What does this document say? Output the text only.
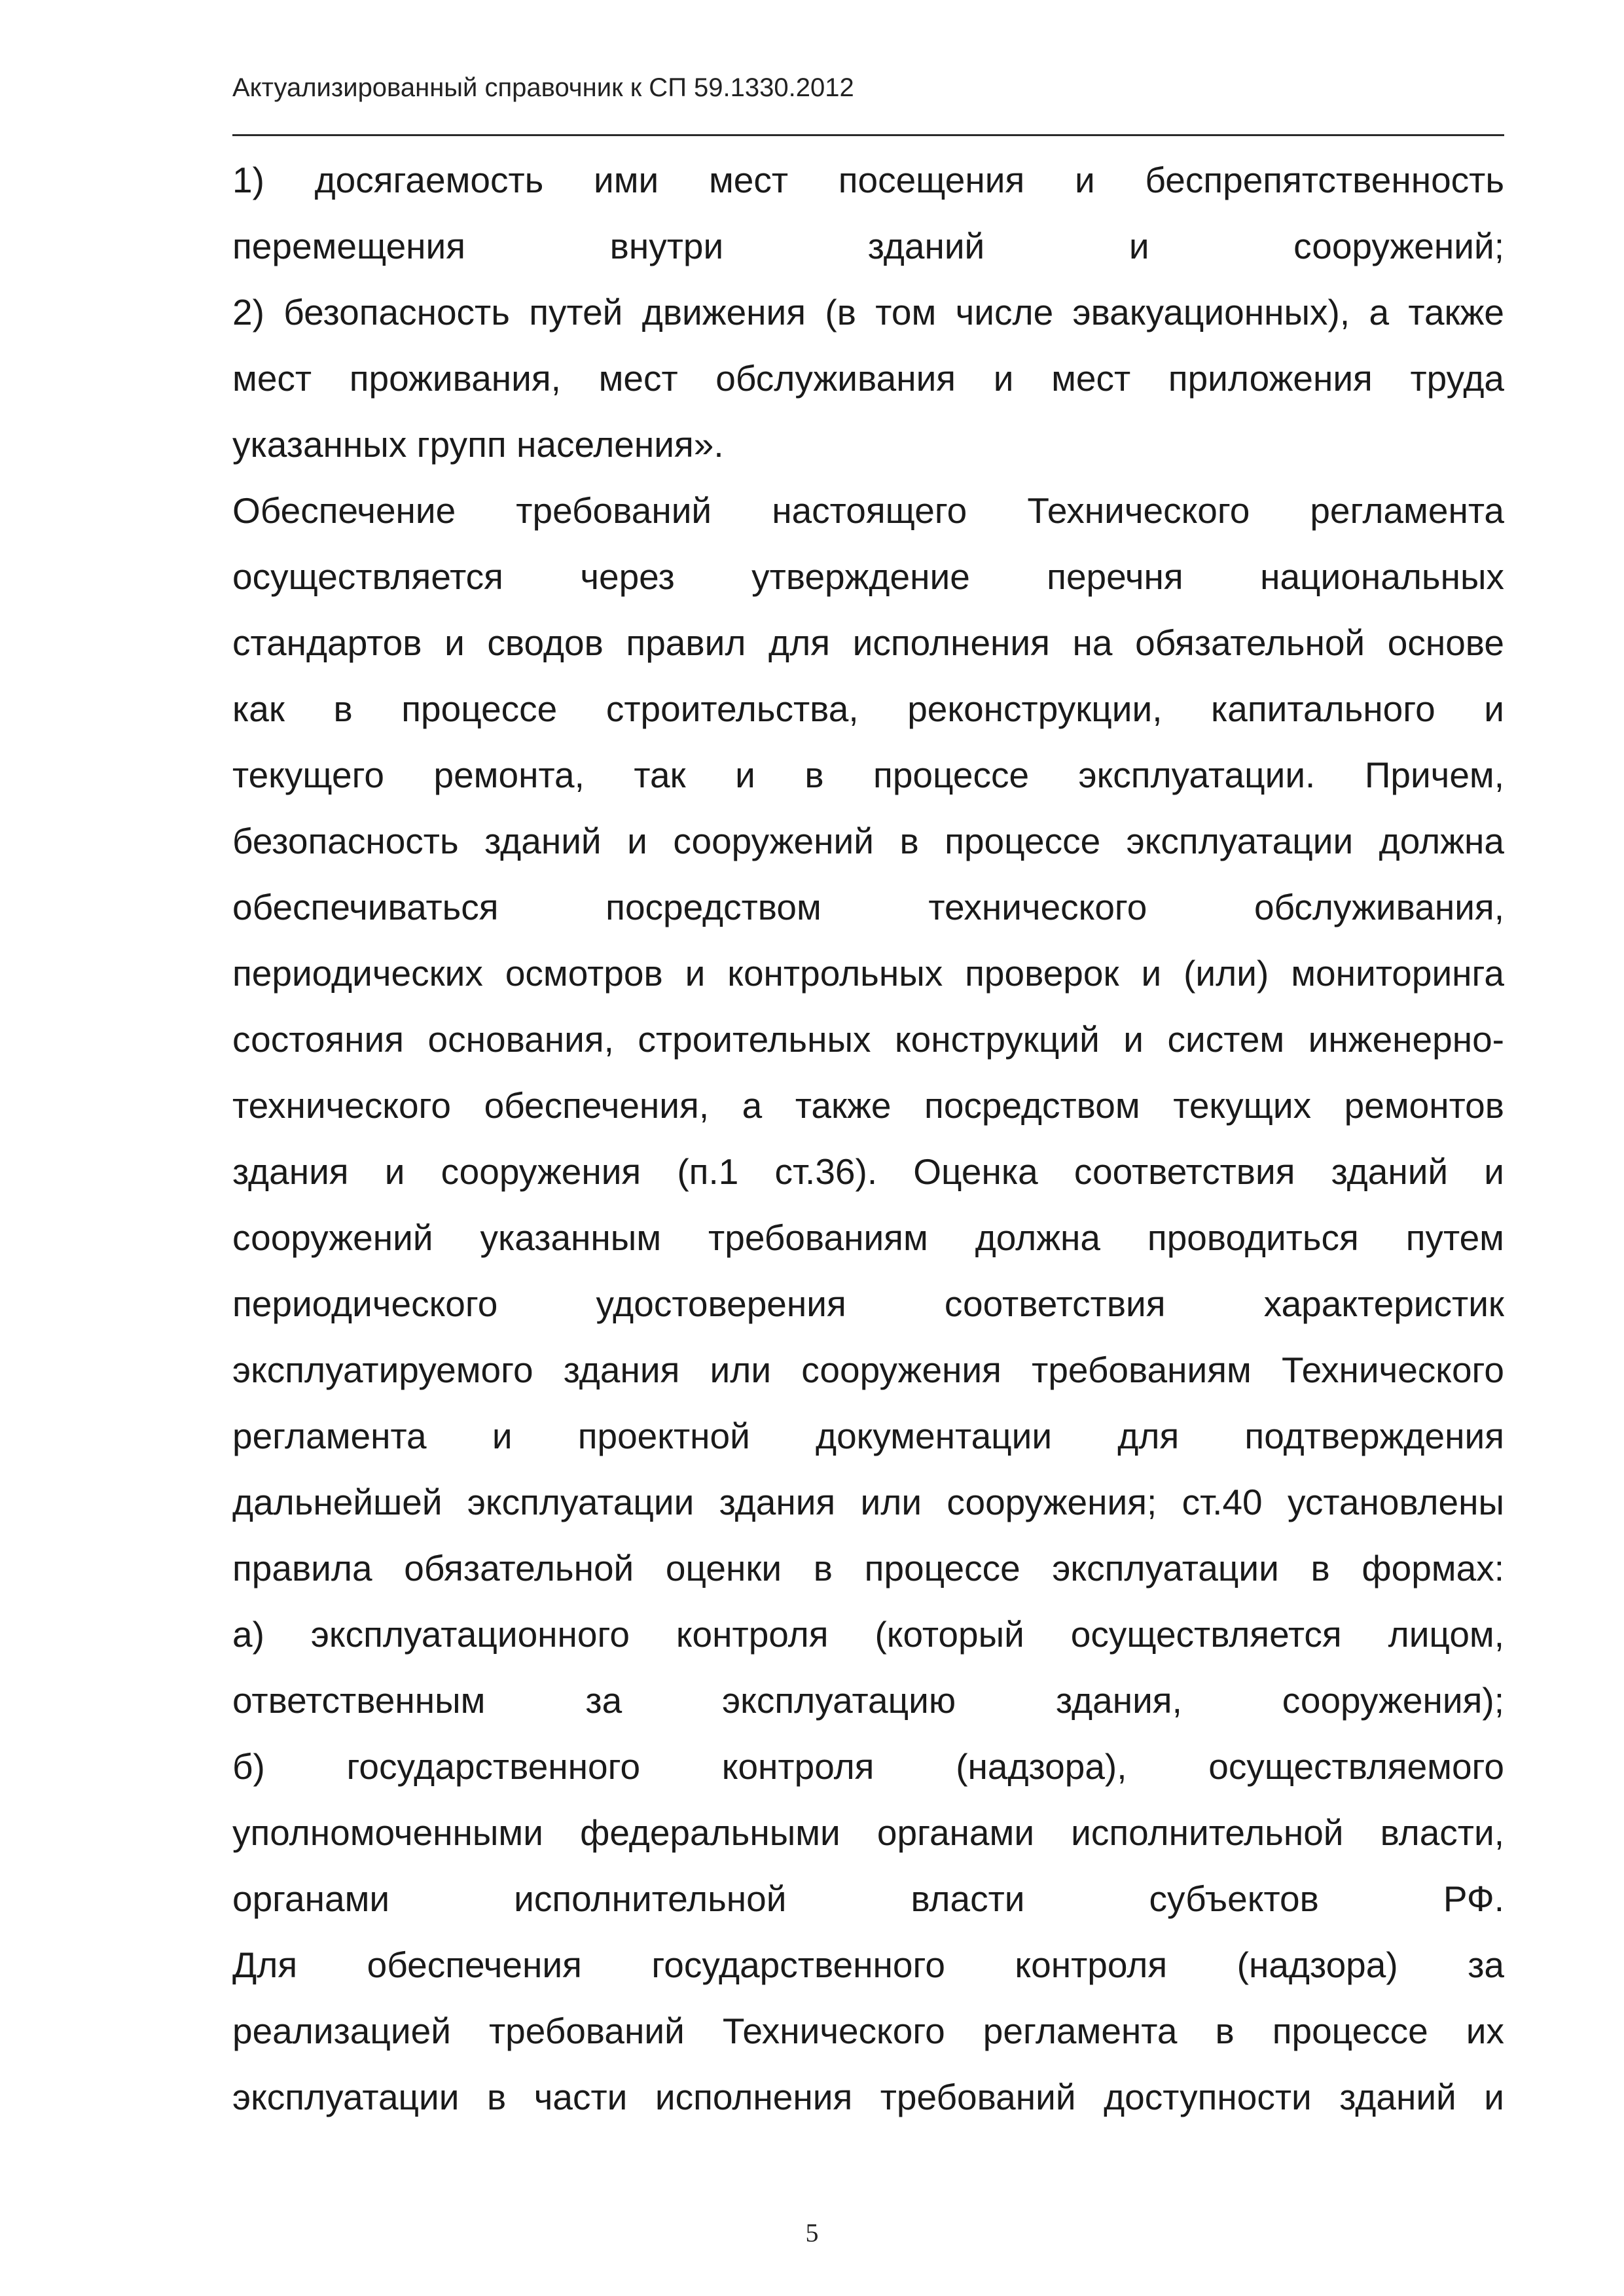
Актуализированный справочник к СП 59.1330.2012
1) досягаемость ими мест посещения и беспрепятственность
перемещения внутри зданий и сооружений;
2) безопасность путей движения (в том числе эвакуационных), а также
мест проживания, мест обслуживания и мест приложения труда
указанных групп населения».
Обеспечение требований настоящего Технического регламента
осуществляется через утверждение перечня национальных
стандартов и сводов правил для исполнения на обязательной основе
как в процессе строительства, реконструкции, капитального и
текущего ремонта, так и в процессе эксплуатации. Причем,
безопасность зданий и сооружений в процессе эксплуатации должна
обеспечиваться посредством технического обслуживания,
периодических осмотров и контрольных проверок и (или) мониторинга
состояния основания, строительных конструкций и систем инженерно-
технического обеспечения, а также посредством текущих ремонтов
здания и сооружения (п.1 ст.36). Оценка соответствия зданий и
сооружений указанным требованиям должна проводиться путем
периодического удостоверения соответствия характеристик
эксплуатируемого здания или сооружения требованиям Технического
регламента и проектной документации для подтверждения
дальнейшей эксплуатации здания или сооружения; ст.40 установлены
правила обязательной оценки в процессе эксплуатации в формах:
а) эксплуатационного контроля (который осуществляется лицом,
ответственным за эксплуатацию здания, сооружения);
б) государственного контроля (надзора), осуществляемого
уполномоченными федеральными органами исполнительной власти,
органами исполнительной власти субъектов РФ.
Для обеспечения государственного контроля (надзора) за
реализацией требований Технического регламента в процессе их
эксплуатации в части исполнения требований доступности зданий и
5
